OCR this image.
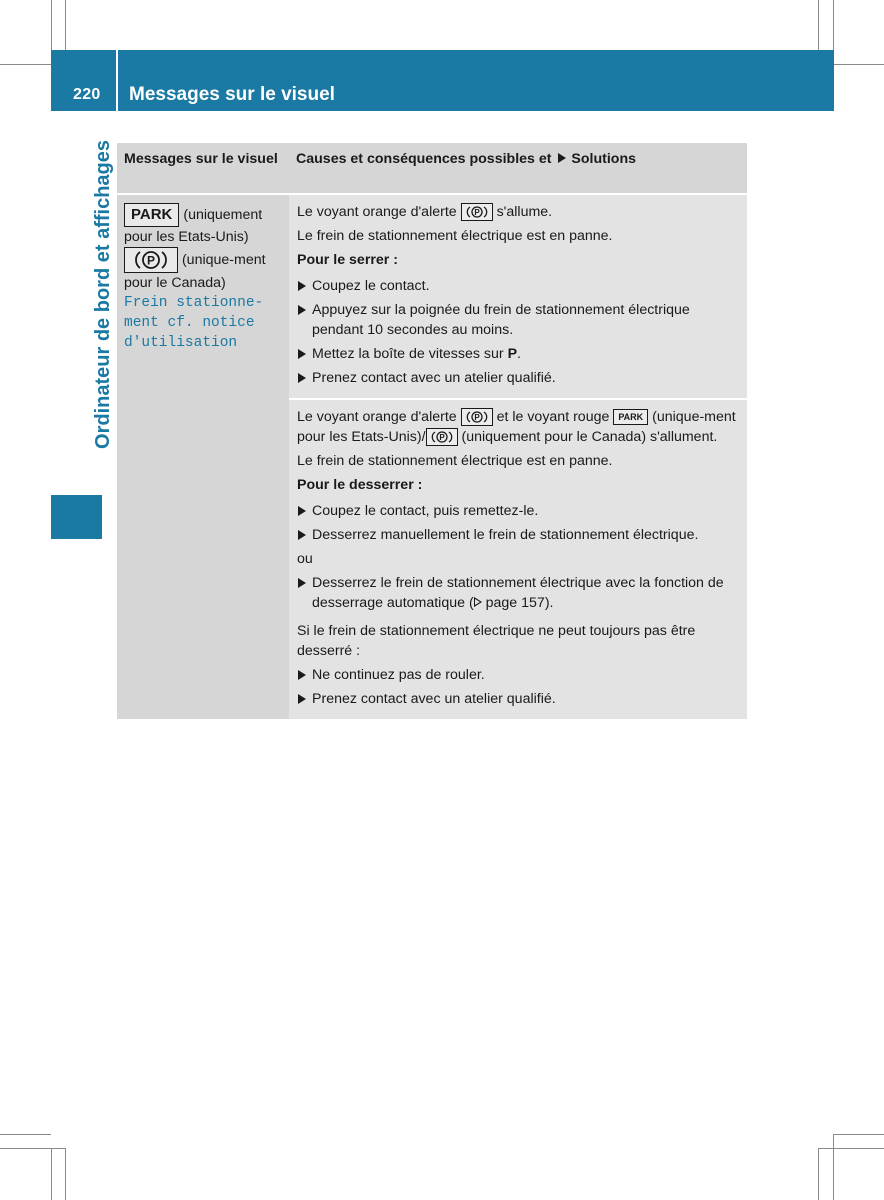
220 Messages sur le visuel
Ordinateur de bord et affichages Messages sur le visuel	Causes et conséquences possibles et Solutions
PARK (uniquement pour les Etats-Unis)
P (unique-ment pour le Canada)
Frein stationne-ment cf. notice d'utilisation

Le voyant orange d'alerte P s'allume.

Le frein de stationnement électrique est en panne.

Pour le serrer :

Coupez le contact.
Appuyez sur la poignée du frein de stationnement électrique pendant 10 secondes au moins.
Mettez la boîte de vitesses sur P.
Prenez contact avec un atelier qualifié.

Le voyant orange d'alerte P et le voyant rouge PARK (unique-ment pour les Etats-Unis)/ P (uniquement pour le Canada) s'allument.

Le frein de stationnement électrique est en panne.

Pour le desserrer :

Coupez le contact, puis remettez-le.
Desserrez manuellement le frein de stationnement électrique.

ou

Desserrez le frein de stationnement électrique avec la fonction de desserrage automatique ( page 157).

Si le frein de stationnement électrique ne peut toujours pas être desserré :

Ne continuez pas de rouler.
Prenez contact avec un atelier qualifié.
